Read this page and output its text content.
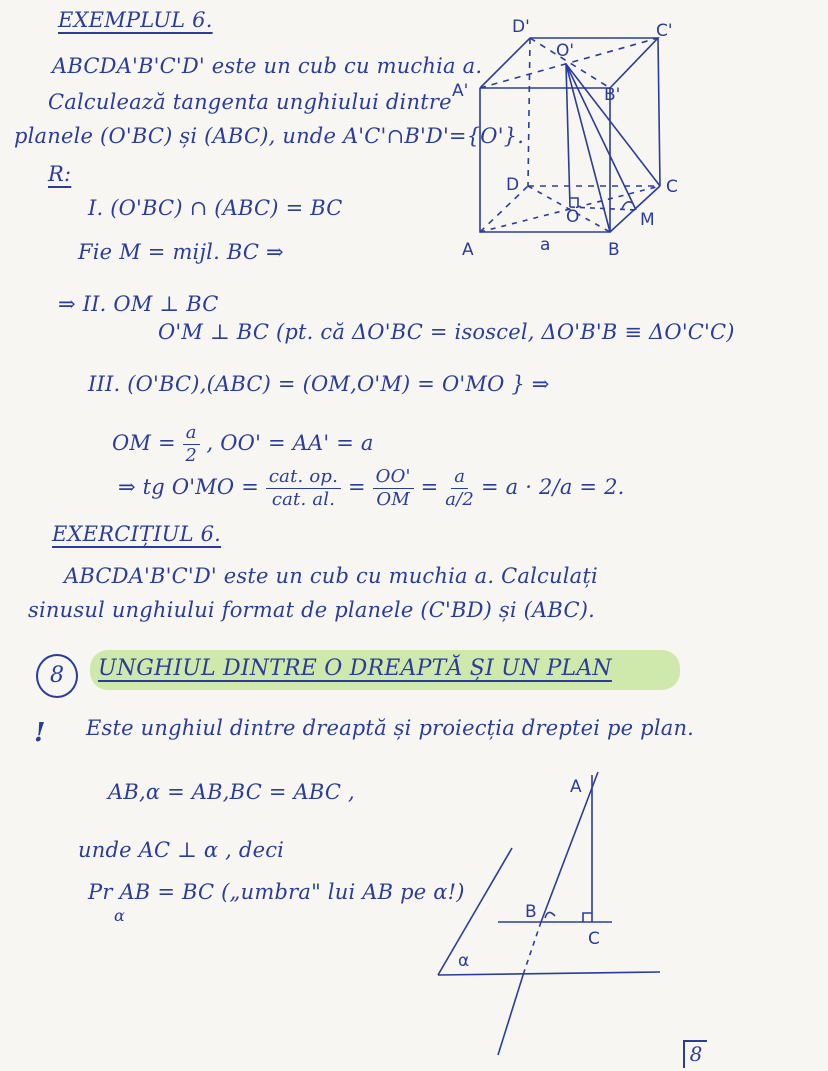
A	B
C
D
A'	B'
C'
D'
O'
O	M
a
A
B
C
α
EXEMPLUL 6.
ABCDA'B'C'D' este un cub cu muchia a.
Calculează tangenta unghiului dintre
planele (O'BC) și (ABC), unde A'C'∩B'D'={O'}.
R:
I. (O'BC) ∩ (ABC) = BC
Fie M = mijl. BC ⇒
⇒ II. OM ⊥ BC
O'M ⊥ BC (pt. că ΔO'BC = isoscel, ΔO'B'B ≡ ΔO'C'C)
III. (O'BC),(ABC) = (OM,O'M) = O'MO } ⇒
OM = $\frac{a}{2}$ , OO' = AA' = a
⇒ tg $O'MO = \frac{\text{cat. op.}}{\text{cat. al.}} = \frac{OO'}{OM} = \frac{a}{a/2} = a \cdot 2/a = 2$.
EXERCIȚIUL 6.
ABCDA'B'C'D' este un cub cu muchia a. Calculați
sinusul unghiului format de planele (C'BD) și (ABC).
8	UNGHIUL DINTRE O DREAPTĂ ȘI UN PLAN
! Este unghiul dintre dreaptă și proiecția dreptei pe plan.
AB,α = AB,BC = ABC ,
unde AC ⊥ α , deci
Pr AB = BC („umbra" lui AB pe α!)
α
8
